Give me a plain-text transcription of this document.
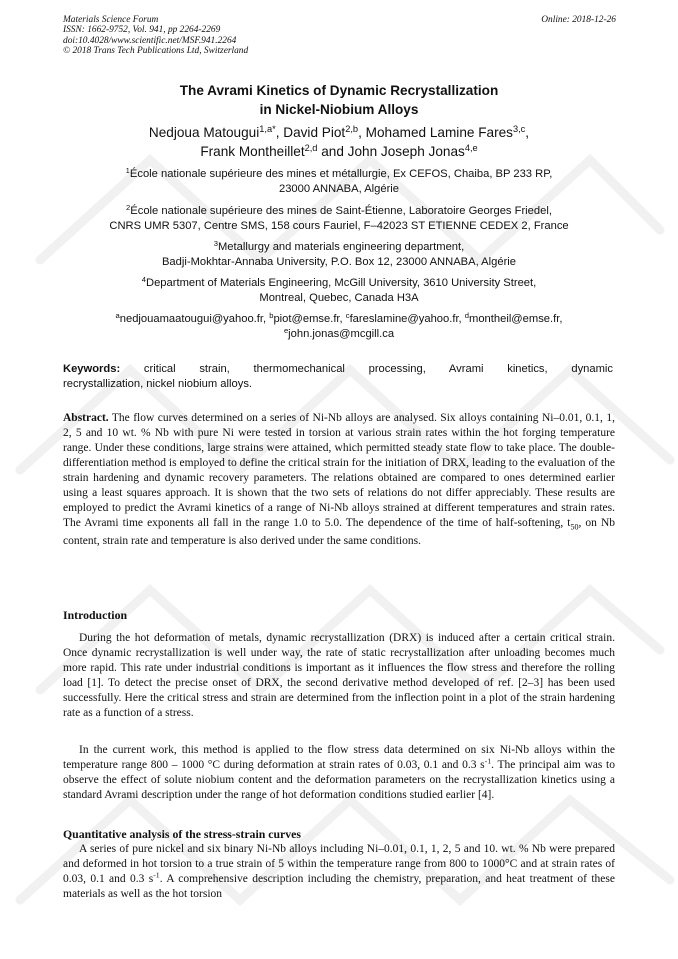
Materials Science Forum
ISSN: 1662-9752, Vol. 941, pp 2264-2269
doi:10.4028/www.scientific.net/MSF.941.2264
© 2018 Trans Tech Publications Ltd, Switzerland
Online: 2018-12-26
The Avrami Kinetics of Dynamic Recrystallization
in Nickel-Niobium Alloys
Nedjoua Matougui$^{1,a*}$, David Piot$^{2,b}$, Mohamed Lamine Fares$^{3,c}$,
Frank Montheillet$^{2,d}$ and John Joseph Jonas$^{4,e}$
$^1$École nationale supérieure des mines et métallurgie, Ex CEFOS, Chaiba, BP 233 RP,
23000 ANNABA, Algérie
$^2$École nationale supérieure des mines de Saint-Étienne, Laboratoire Georges Friedel,
CNRS UMR 5307, Centre SMS, 158 cours Fauriel, F–42023 ST ETIENNE CEDEX 2, France
$^3$Metallurgy and materials engineering department,
Badji-Mokhtar-Annaba University, P.O. Box 12, 23000 ANNABA, Algérie
$^4$Department of Materials Engineering, McGill University, 3610 University Street,
Montreal, Quebec, Canada H3A
$^a$nedjouamaatougui@yahoo.fr, $^b$piot@emse.fr, $^c$fareslamine@yahoo.fr, $^d$montheil@emse.fr,
$^e$john.jonas@mcgill.ca
Keywords: critical strain, thermomechanical processing, Avrami kinetics, dynamic
recrystallization, nickel niobium alloys.
Abstract. The flow curves determined on a series of Ni-Nb alloys are analysed. Six alloys containing Ni–0.01, 0.1, 1, 2, 5 and 10 wt. % Nb with pure Ni were tested in torsion at various strain rates within the hot forging temperature range. Under these conditions, large strains were attained, which permitted steady state flow to take place. The double-differentiation method is employed to define the critical strain for the initiation of DRX, leading to the evaluation of the strain hardening and dynamic recovery parameters. The relations obtained are compared to ones determined earlier using a least squares approach. It is shown that the two sets of relations do not differ appreciably. These results are employed to predict the Avrami kinetics of a range of Ni-Nb alloys strained at different temperatures and strain rates. The Avrami time exponents all fall in the range 1.0 to 5.0. The dependence of the time of half-softening, $t_{50}$, on Nb content, strain rate and temperature is also derived under the same conditions.
Introduction
During the hot deformation of metals, dynamic recrystallization (DRX) is induced after a certain critical strain. Once dynamic recrystallization is well under way, the rate of static recrystallization after unloading becomes much more rapid. This rate under industrial conditions is important as it influences the flow stress and therefore the rolling load [1]. To detect the precise onset of DRX, the second derivative method developed of ref. [2–3] has been used successfully. Here the critical stress and strain are determined from the inflection point in a plot of the strain hardening rate as a function of a stress.
In the current work, this method is applied to the flow stress data determined on six Ni-Nb alloys within the temperature range 800 – 1000 °C during deformation at strain rates of 0.03, 0.1 and 0.3 $s^{-1}$. The principal aim was to observe the effect of solute niobium content and the deformation parameters on the recrystallization kinetics using a standard Avrami description under the range of hot deformation conditions studied earlier [4].
Quantitative analysis of the stress-strain curves
A series of pure nickel and six binary Ni-Nb alloys including Ni–0.01, 0.1, 1, 2, 5 and 10. wt. % Nb were prepared and deformed in hot torsion to a true strain of 5 within the temperature range from 800 to 1000°C and at strain rates of 0.03, 0.1 and 0.3 $s^{-1}$. A comprehensive description including the chemistry, preparation, and heat treatment of these materials as well as the hot torsion
